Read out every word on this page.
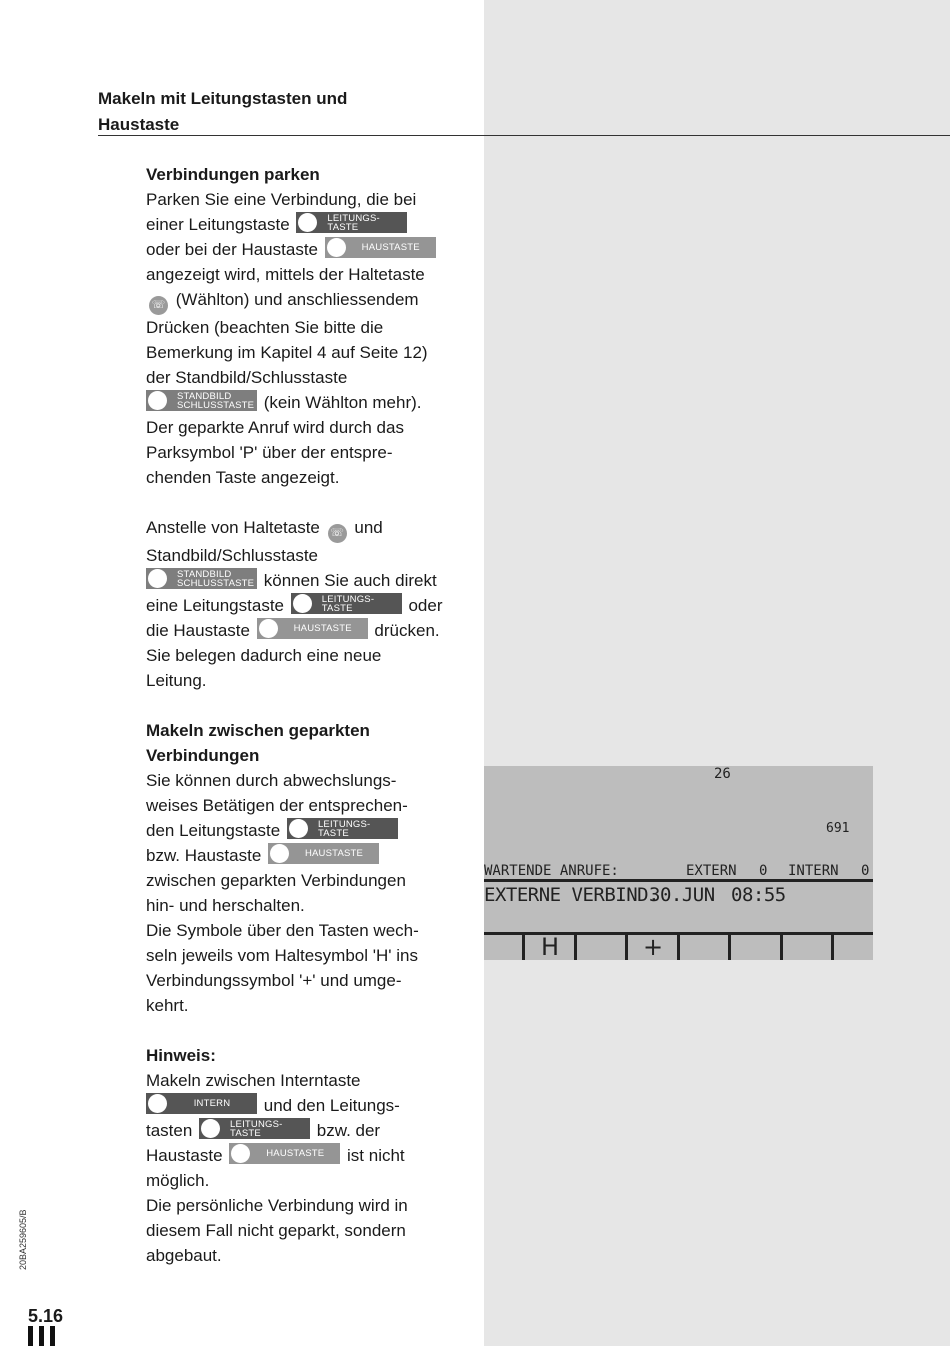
Makeln mit Leitungstasten und
Haustaste

Verbindungen parken

Parken Sie eine Verbindung, die bei

einer Leitungstaste	LEITUNGS-
TASTE

oder bei der Haustaste	HAUSTASTE

angezeigt wird, mittels der Haltetaste

☏ (Wählton) und anschliessendem

Drücken (beachten Sie bitte die

Bemerkung im Kapitel 4 auf Seite 12)

der Standbild/Schlusstaste

STANDBILD
SCHLUSSTASTE (kein Wählton mehr).

Der geparkte Anruf wird durch das

Parksymbol 'P' über der entspre-

chenden Taste angezeigt.

Anstelle von Haltetaste ☏ und

Standbild/Schlusstaste

STANDBILD
SCHLUSSTASTE können Sie auch direkt

eine Leitungstaste	LEITUNGS-
TASTE	oder

die Haustaste	HAUSTASTE drücken.

Sie belegen dadurch eine neue

Leitung.

Makeln zwischen geparkten

Verbindungen

Sie können durch abwechslungs-

weises Betätigen der entsprechen-

den Leitungstaste	LEITUNGS-
TASTE

bzw. Haustaste	HAUSTASTE

zwischen geparkten Verbindungen

hin- und herschalten.

Die Symbole über den Tasten wech-

seln jeweils vom Haltesymbol 'H' ins

Verbindungssymbol '+' und umge-

kehrt.

Hinweis:

Makeln zwischen Interntaste

INTERN und den Leitungs-

tasten	LEITUNGS-
TASTE	bzw. der

Haustaste	HAUSTASTE ist nicht

möglich.

Die persönliche Verbindung wird in

diesem Fall nicht geparkt, sondern

abgebaut.

26
691

WARTENDE ANRUFE:

	EXTERN

0

INTERN

0

EXTERNE VERBIND.

30.JUN

08:55

H	+
20BA259605/B
5.16
